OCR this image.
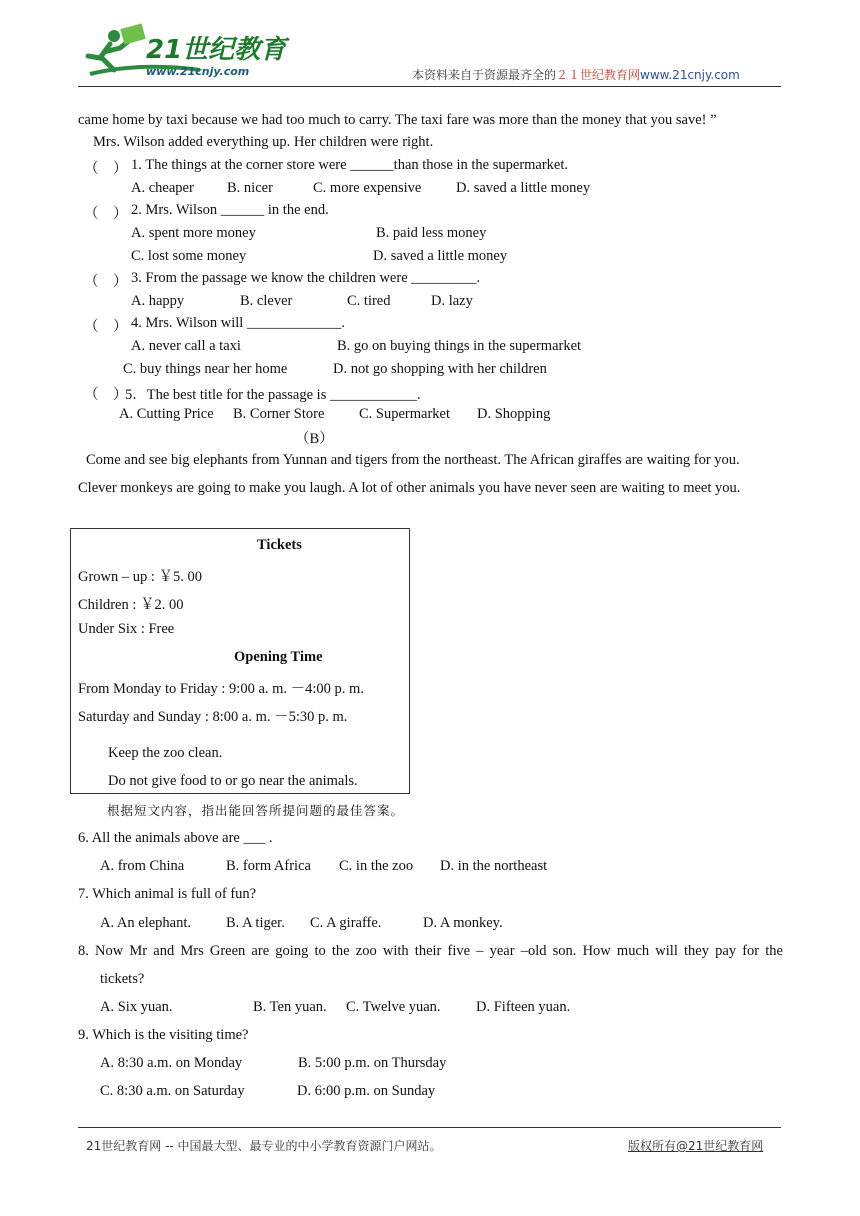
21世纪教育
www.21cnjy.com	本资料来自于资源最齐全的２１世纪教育网www.21cnjy.com
came home by taxi because we had too much to carry. The taxi fare was more than the money that you save! ”
Mrs. Wilson added everything up. Her children were right.
（　） 1. The things at the corner store were ______than those in the supermarket.
A. cheaper B. nicer	C. more expensive D. saved a little money
（　） 2. Mrs. Wilson ______ in the end.
A. spent more money	B. paid less money
C. lost some money	D. saved a little money
（　） 3. From the passage we know the children were _________.
A. happy	B. clever	C. tired	D. lazy
（　） 4. Mrs. Wilson will _____________.
A. never call a taxi	B. go on buying things in the supermarket
C. buy things near her home	D. not go shopping with her children
（　）
5．The best title for the passage is ____________.
A. Cutting Price B. Corner Store C. Supermarket D. Shopping
（B）
Come and see big elephants from Yunnan and tigers from the northeast. The African giraffes are waiting for you.
Clever monkeys are going to make you laugh. A lot of other animals you have never seen are waiting to meet you.
Tickets
Grown – up : ￥5. 00
Children : ￥2. 00
Under Six : Free
Opening Time
From Monday to Friday : 9:00 a. m. －4:00 p. m.
Saturday and Sunday : 8:00 a. m. －5:30 p. m.
Keep the zoo clean.
Do not give food to or go near the animals.
根据短文内容，指出能回答所提问题的最佳答案。
6. All the animals above are ___ .
A. from China	B. form Africa C. in the zoo D. in the northeast
7. Which animal is full of fun?
A. An elephant. B. A tiger. C. A giraffe.	D. A monkey.
8. Now Mr and Mrs Green are going to the zoo with their five – year –old son. How much will they pay for the
tickets?
A. Six yuan.	B. Ten yuan. C. Twelve yuan. D. Fifteen yuan.
9. Which is the visiting time?
A. 8:30 a.m. on Monday	B. 5:00 p.m. on Thursday
C. 8:30 a.m. on Saturday	D. 6:00 p.m. on Sunday
21世纪教育网 -- 中国最大型、最专业的中小学教育资源门户网站。	版权所有@21世纪教育网
